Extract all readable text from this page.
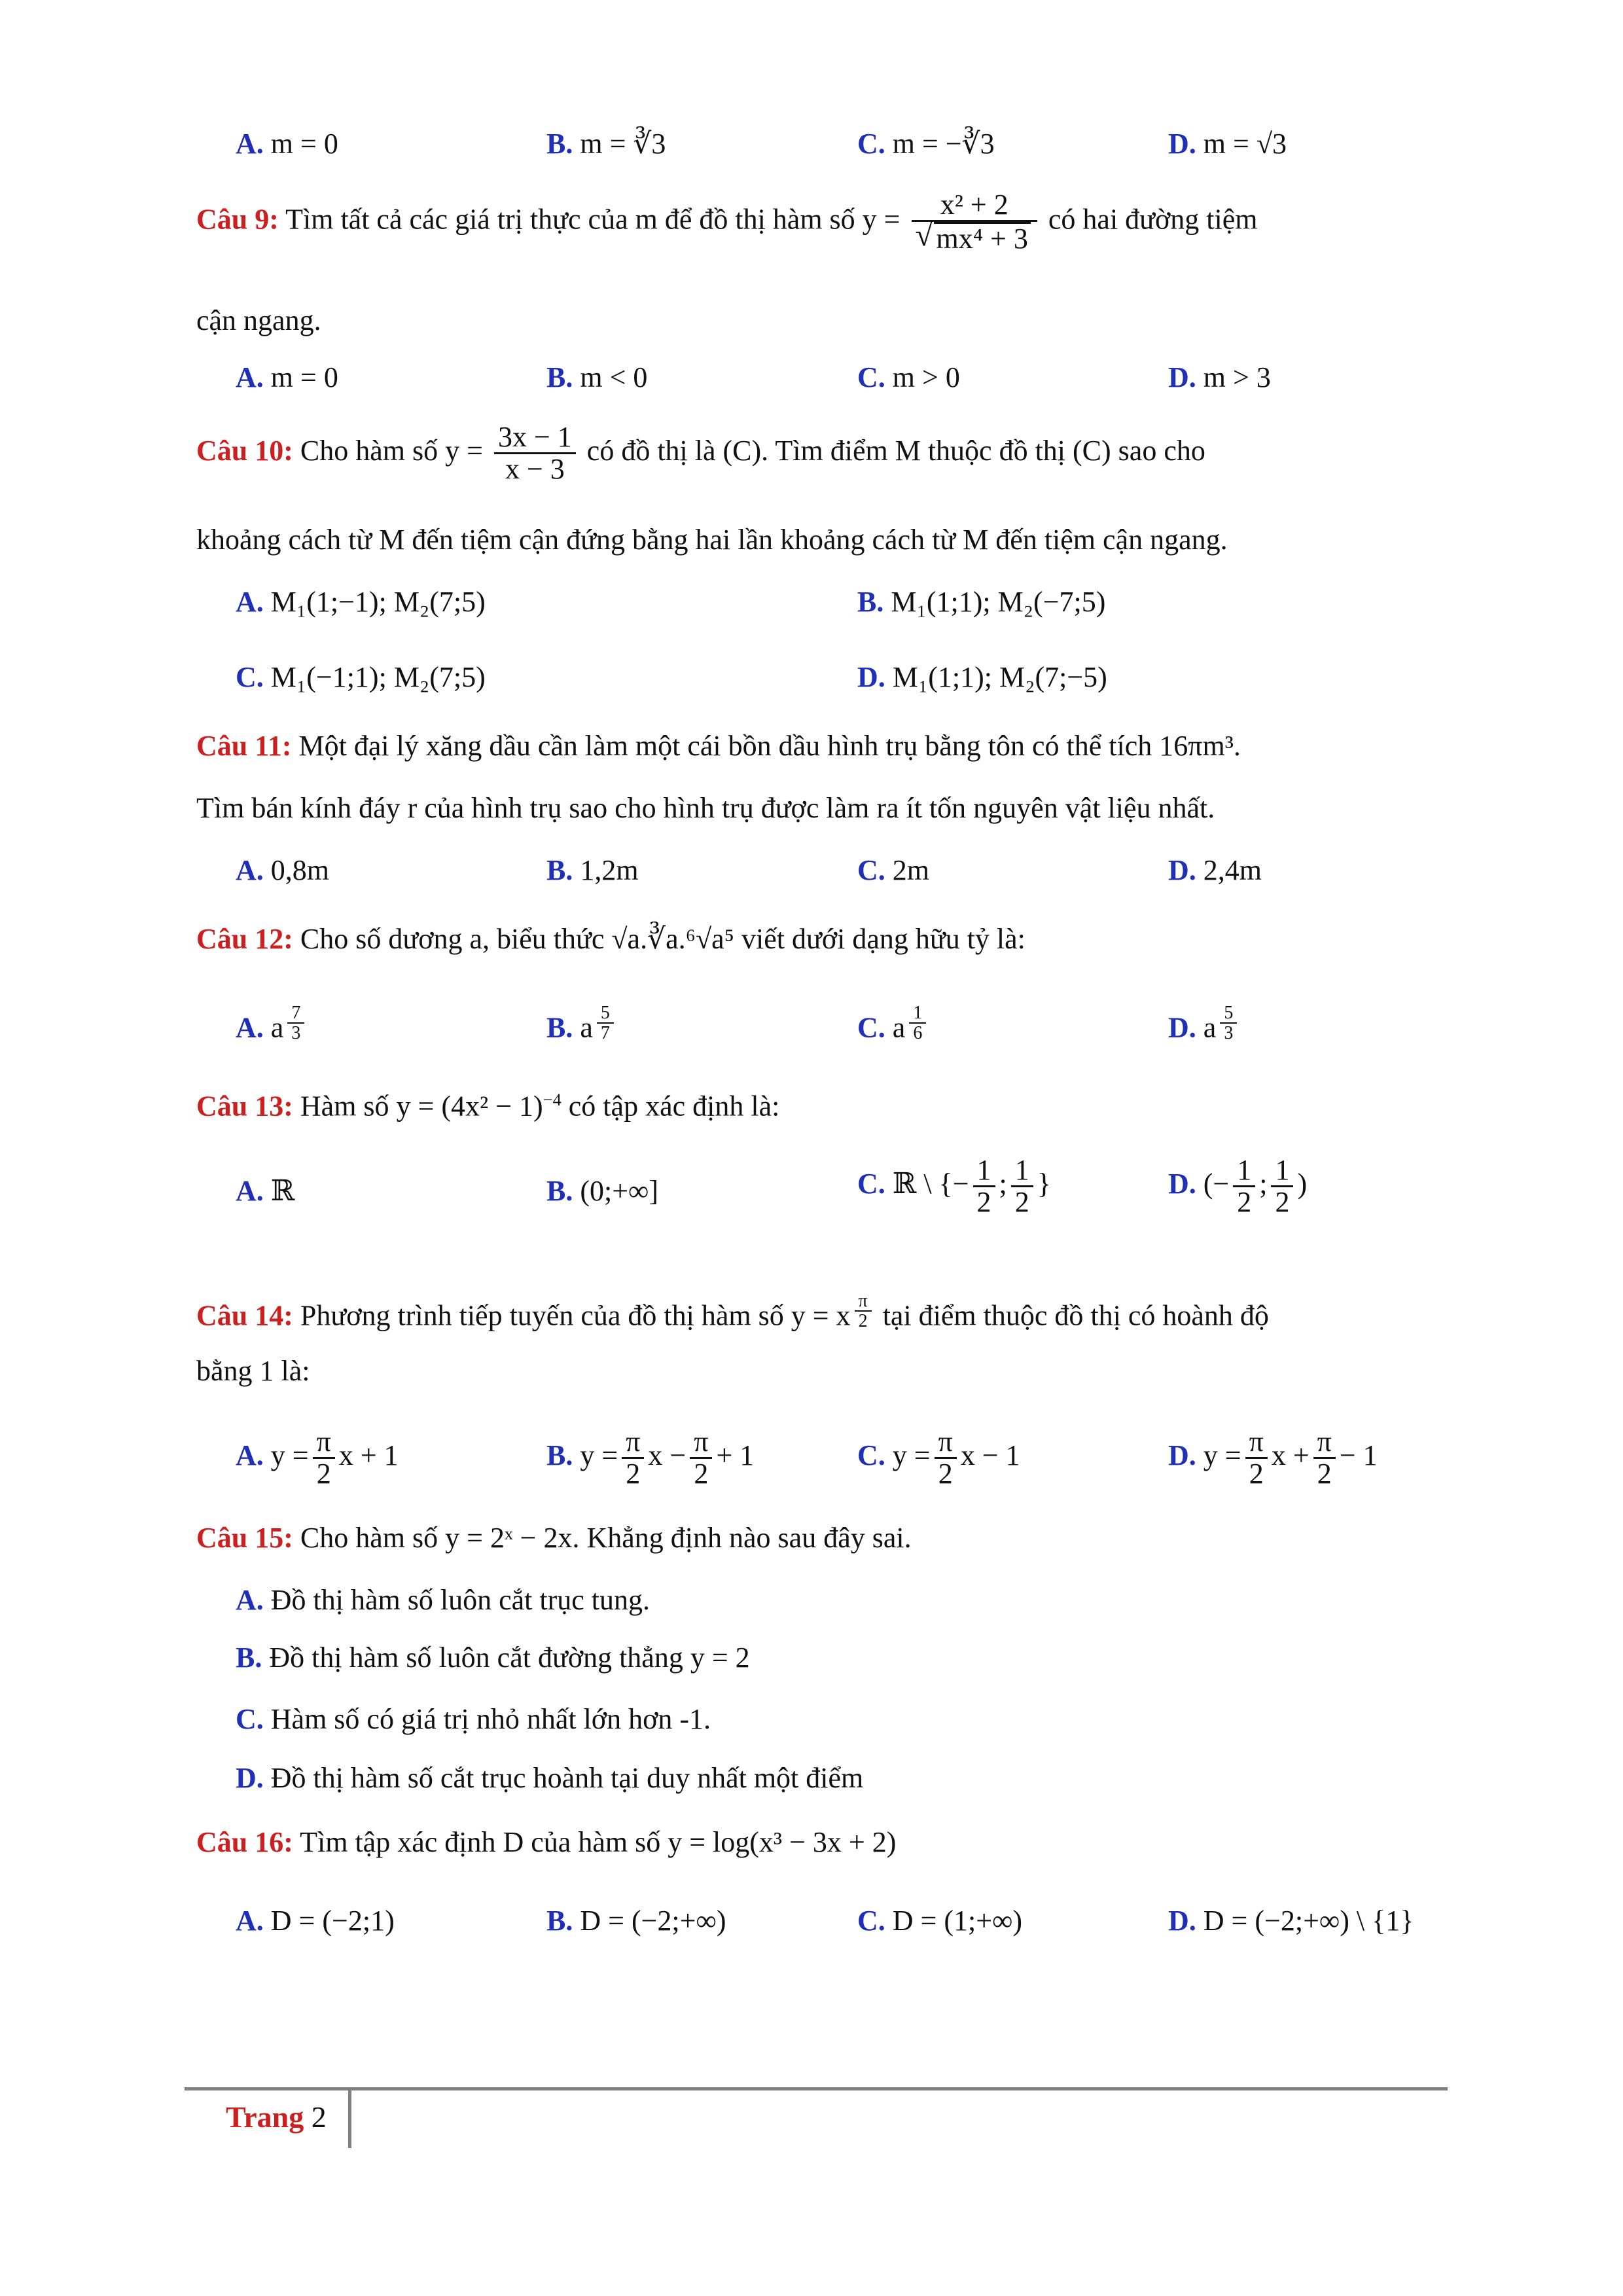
A. m = 0	B. m = ∛3	C. m = −∛3	D. m = √3
Câu 9: Tìm tất cả các giá trị thực của m để đồ thị hàm số $y = \frac{\text{x² + 2}}{\text{√ mx⁴ + 3}}$ có hai đường tiệm
cận ngang.
A. m = 0	B. m < 0	C. m > 0	D. m > 3
Câu 10: Cho hàm số $y = \frac{3x - 1}{x - 3}$ có đồ thị là (C). Tìm điểm M thuộc đồ thị (C) sao cho
khoảng cách từ M đến tiệm cận đứng bằng hai lần khoảng cách từ M đến tiệm cận ngang.
A. M₁(1;−1); M₂(7;5)	B. M₁(1;1); M₂(−7;5)
C. M₁(−1;1); M₂(7;5)	D. M₁(1;1); M₂(7;−5)
Câu 11: Một đại lý xăng dầu cần làm một cái bồn dầu hình trụ bằng tôn có thể tích 16πm³.
Tìm bán kính đáy r của hình trụ sao cho hình trụ được làm ra ít tốn nguyên vật liệu nhất.
A. 0,8m	B. 1,2m	C. 2m	D. 2,4m
Câu 12: Cho số dương a, biểu thức √a.∛a.⁶√a⁵ viết dưới dạng hữu tỷ là:
A. a $^{\frac{7}{3}}$	B. a $^{\frac{5}{7}}$	C. a $^{\frac{1}{6}}$	D. a $^{\frac{5}{3}}$
Câu 13: Hàm số $y = (4x^2 - 1)^{-4}$ có tập xác định là:
A. ℝ	B. (0;+∞]	C. ℝ \ {− $\frac{1}{2}$ ; $\frac{1}{2}$ }	D. (− $\frac{1}{2}$ ; $\frac{1}{2}$ )
Câu 14: Phương trình tiếp tuyến của đồ thị hàm số y = x $^{\frac{\pi}{2}}$ tại điểm thuộc đồ thị có hoành độ
bằng 1 là:
A. $y = \frac{\pi}{2}$ x + 1	B. $y = \frac{\pi}{2}$ $x - \frac{\pi}{2} + 1$	C. $y = \frac{\pi}{2}$ x − 1	D. $y = \frac{\pi}{2}$ $x + \frac{\pi}{2} - 1$
Câu 15: Cho hàm số y = 2ˣ − 2x. Khẳng định nào sau đây sai.
A. Đồ thị hàm số luôn cắt trục tung.
B. Đồ thị hàm số luôn cắt đường thẳng y = 2
C. Hàm số có giá trị nhỏ nhất lớn hơn -1.
D. Đồ thị hàm số cắt trục hoành tại duy nhất một điểm
Câu 16: Tìm tập xác định D của hàm số y = log(x³ − 3x + 2)
A. D = (−2;1)	B. D = (−2;+∞)	C. D = (1;+∞)	D. D = (−2;+∞) \ {1}
Trang 2
